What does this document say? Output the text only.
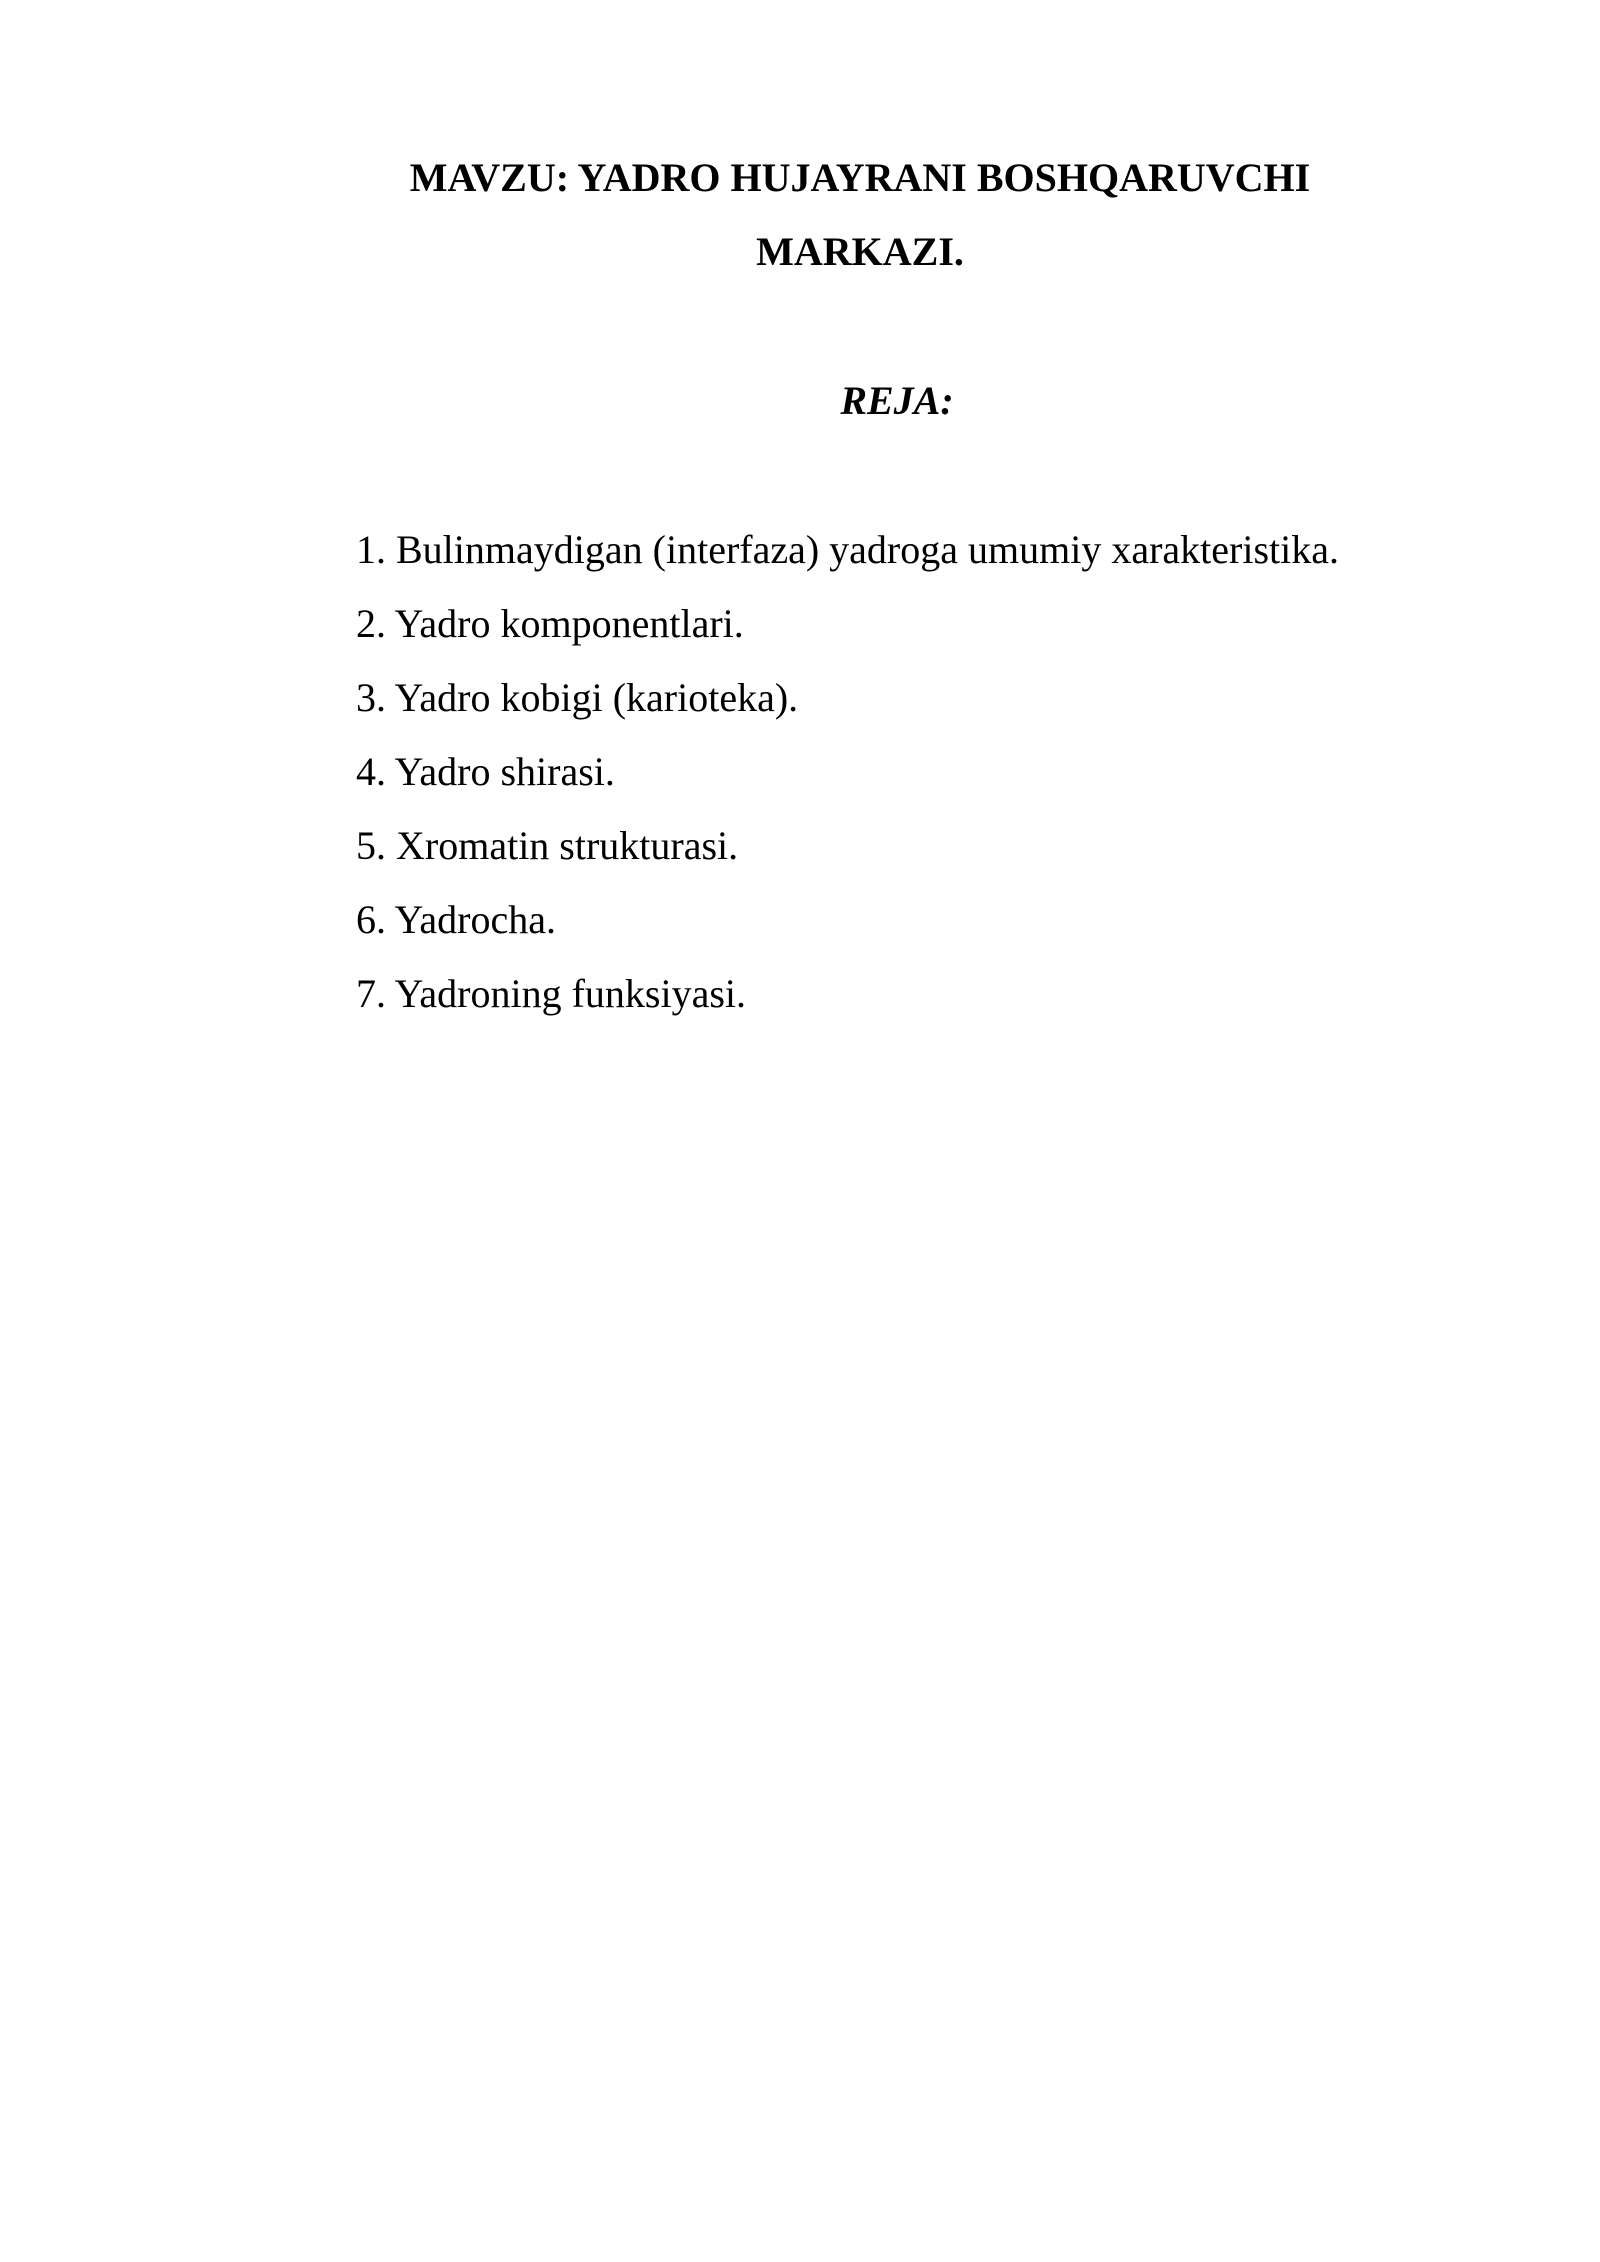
MAVZU: YADRO HUJAYRANI BOSHQARUVCHI
MARKAZI.
REJA:
1. Bulinmaydigan (interfaza) yadroga umumiy xarakteristika.
2. Yadro komponentlari.
3. Yadro kobigi (karioteka).
4. Yadro shirasi.
5. Xromatin strukturasi.
6. Yadrocha.
7. Yadroning funksiyasi.
